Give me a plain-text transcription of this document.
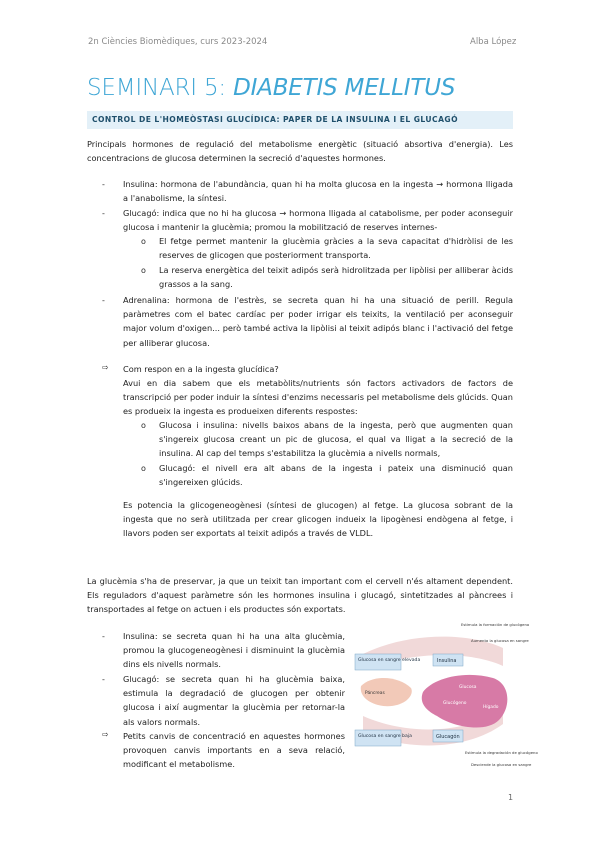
2n Ciències Biomèdiques, curs 2023-2024	Alba López
SEMINARI 5: DIABETIS MELLITUS
CONTROL DE L'HOMEÒSTASI GLUCÍDICA: PAPER DE LA INSULINA I EL GLUCAGÓ
Principals hormones de regulació del metabolisme energètic (situació absortiva d'energia). Les concentracions de glucosa determinen la secreció d'aquestes hormones.
- Insulina: hormona de l'abundància, quan hi ha molta glucosa en la ingesta → hormona lligada a l'anabolisme, la síntesi.
- Glucagó: indica que no hi ha glucosa → hormona lligada al catabolisme, per poder aconseguir glucosa i mantenir la glucèmia; promou la mobilització de reserves internes-
o El fetge permet mantenir la glucèmia gràcies a la seva capacitat d'hidròlisi de les reserves de glicogen que posteriorment transporta.
o La reserva energètica del teixit adipós serà hidrolitzada per lipòlisi per alliberar àcids grassos a la sang.
- Adrenalina: hormona de l'estrès, se secreta quan hi ha una situació de perill. Regula paràmetres com el batec cardíac per poder irrigar els teixits, la ventilació per aconseguir major volum d'oxigen... però també activa la lipòlisi al teixit adipós blanc i l'activació del fetge per alliberar glucosa.
⇨ Com respon en a la ingesta glucídica?
Avui en dia sabem que els metabòlits/nutrients són factors activadors de factors de transcripció per poder induir la síntesi d'enzims necessaris pel metabolisme dels glúcids. Quan es produeix la ingesta es produeixen diferents respostes:
o Glucosa i insulina: nivells baixos abans de la ingesta, però que augmenten quan s'ingereix glucosa creant un pic de glucosa, el qual va lligat a la secreció de la insulina. Al cap del temps s'estabilitza la glucèmia a nivells normals,
o Glucagó: el nivell era alt abans de la ingesta i pateix una disminució quan s'ingereixen glúcids.
Es potencia la glicogeneogènesi (síntesi de glucogen) al fetge. La glucosa sobrant de la ingesta que no serà utilitzada per crear glicogen indueix la lipogènesi endògena al fetge, i llavors poden ser exportats al teixit adipós a través de VLDL.
La glucèmia s'ha de preservar, ja que un teixit tan important com el cervell n'és altament dependent. Els reguladors d'aquest paràmetre són les hormones insulina i glucagó, sintetitzades al pàncrees i transportades al fetge on actuen i els productes són exportats.
- Insulina: se secreta quan hi ha una alta glucèmia, promou la glucogeneogènesi i disminuint la glucèmia dins els nivells normals.
- Glucagó: se secreta quan hi ha glucèmia baixa, estimula la degradació de glucogen per obtenir glucosa i així augmentar la glucèmia per retornar-la als valors normals.
⇨ Petits canvis de concentració en aquestes hormones provoquen canvis importants en a seva relació, modificant el metabolisme.
Glucosa en sangre elevada	Insulina
Glucosa en sangre baja	Glucagón
Estimula la formación de glucógeno
Aumenta la glucosa en sangre
Estimula la degradación de glucógeno
Desciende la glucosa en sangre
Páncreas
Glucosa
Glucógeno
Hígado
1
